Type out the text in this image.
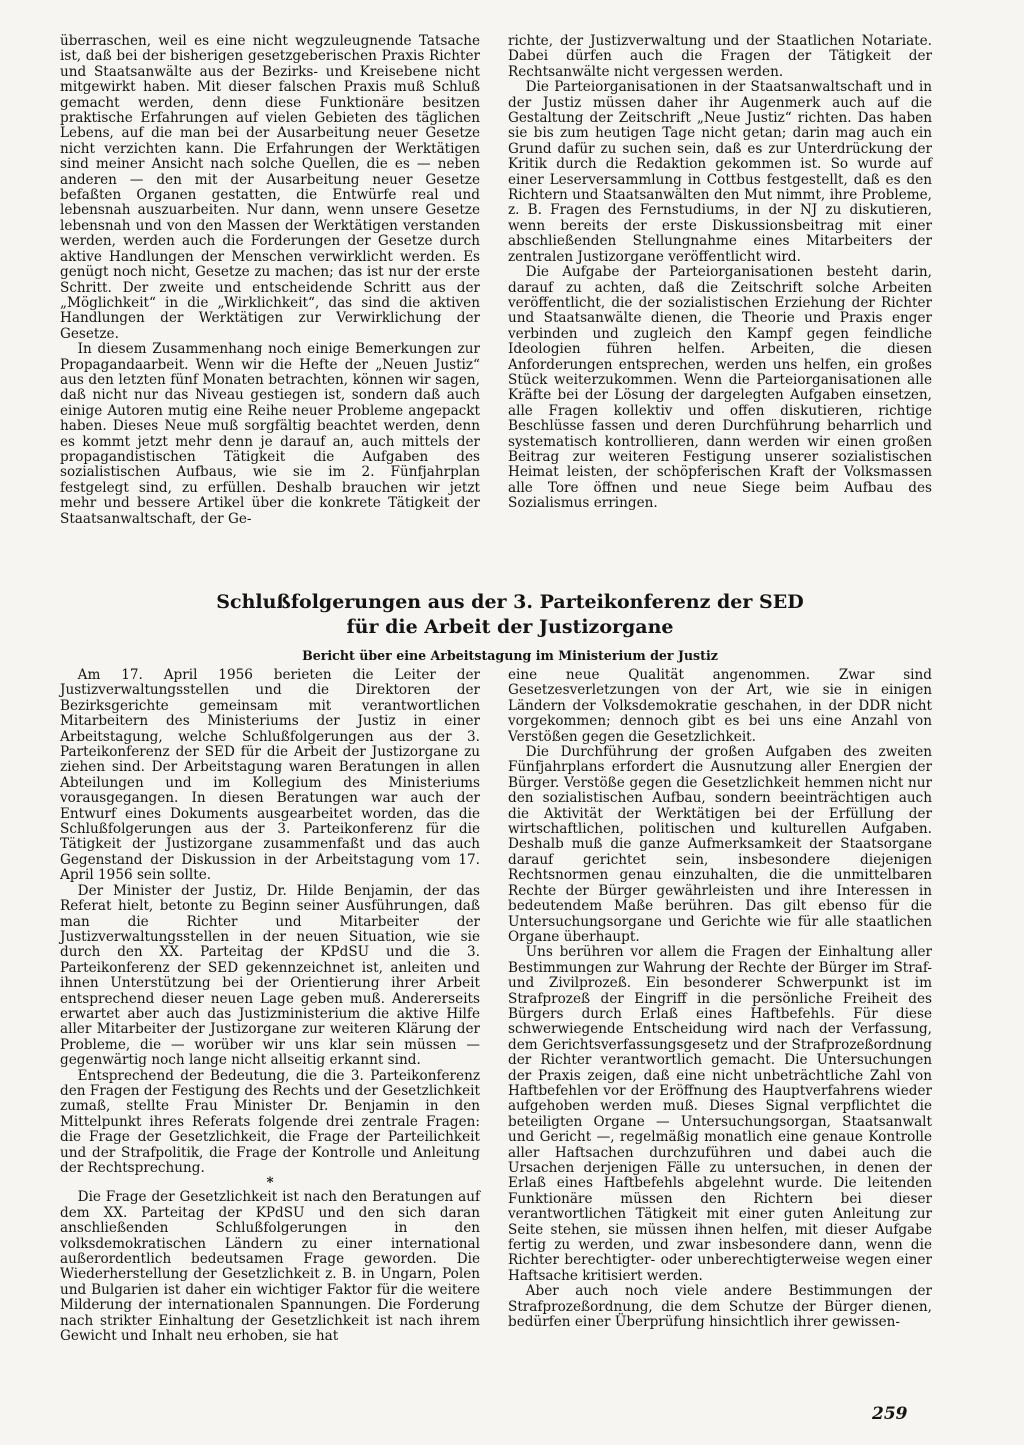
überraschen, weil es eine nicht wegzuleugnende Tatsache ist, daß bei der bisherigen gesetzgeberischen Praxis Richter und Staatsanwälte aus der Bezirks- und Kreisebene nicht mitgewirkt haben. Mit dieser falschen Praxis muß Schluß gemacht werden, denn diese Funktionäre besitzen praktische Erfahrungen auf vielen Gebieten des täglichen Lebens, auf die man bei der Ausarbeitung neuer Gesetze nicht verzichten kann. Die Erfahrungen der Werktätigen sind meiner Ansicht nach solche Quellen, die es — neben anderen — den mit der Ausarbeitung neuer Gesetze befaßten Organen gestatten, die Entwürfe real und lebensnah auszuarbeiten. Nur dann, wenn unsere Gesetze lebensnah und von den Massen der Werktätigen verstanden werden, werden auch die Forderungen der Gesetze durch aktive Handlungen der Menschen verwirklicht werden. Es genügt noch nicht, Gesetze zu machen; das ist nur der erste Schritt. Der zweite und entscheidende Schritt aus der „Möglichkeit“ in die „Wirklichkeit“, das sind die aktiven Handlungen der Werktätigen zur Verwirklichung der Gesetze.

In diesem Zusammenhang noch einige Bemerkungen zur Propagandaarbeit. Wenn wir die Hefte der „Neuen Justiz“ aus den letzten fünf Monaten betrachten, können wir sagen, daß nicht nur das Niveau gestiegen ist, sondern daß auch einige Autoren mutig eine Reihe neuer Probleme angepackt haben. Dieses Neue muß sorgfältig beachtet werden, denn es kommt jetzt mehr denn je darauf an, auch mittels der propagandistischen Tätigkeit die Aufgaben des sozialistischen Aufbaus, wie sie im 2. Fünfjahrplan festgelegt sind, zu erfüllen. Deshalb brauchen wir jetzt mehr und bessere Artikel über die konkrete Tätigkeit der Staatsanwaltschaft, der Ge-

richte, der Justizverwaltung und der Staatlichen Notariate. Dabei dürfen auch die Fragen der Tätigkeit der Rechtsanwälte nicht vergessen werden.

Die Parteiorganisationen in der Staatsanwaltschaft und in der Justiz müssen daher ihr Augenmerk auch auf die Gestaltung der Zeitschrift „Neue Justiz“ richten. Das haben sie bis zum heutigen Tage nicht getan; darin mag auch ein Grund dafür zu suchen sein, daß es zur Unterdrückung der Kritik durch die Redaktion gekommen ist. So wurde auf einer Leserversammlung in Cottbus festgestellt, daß es den Richtern und Staatsanwälten den Mut nimmt, ihre Probleme, z. B. Fragen des Fernstudiums, in der NJ zu diskutieren, wenn bereits der erste Diskussionsbeitrag mit einer abschließenden Stellungnahme eines Mitarbeiters der zentralen Justizorgane veröffentlicht wird.

Die Aufgabe der Parteiorganisationen besteht darin, darauf zu achten, daß die Zeitschrift solche Arbeiten veröffentlicht, die der sozialistischen Erziehung der Richter und Staatsanwälte dienen, die Theorie und Praxis enger verbinden und zugleich den Kampf gegen feindliche Ideologien führen helfen. Arbeiten, die diesen Anforderungen entsprechen, werden uns helfen, ein großes Stück weiterzukommen. Wenn die Parteiorganisationen alle Kräfte bei der Lösung der dargelegten Aufgaben einsetzen, alle Fragen kollektiv und offen diskutieren, richtige Beschlüsse fassen und deren Durchführung beharrlich und systematisch kontrollieren, dann werden wir einen großen Beitrag zur weiteren Festigung unserer sozialistischen Heimat leisten, der schöpferischen Kraft der Volksmassen alle Tore öffnen und neue Siege beim Aufbau des Sozialismus erringen.

Schlußfolgerungen aus der 3. Parteikonferenz der SED
für die Arbeit der Justizorgane
Bericht über eine Arbeitstagung im Ministerium der Justiz

Am 17. April 1956 berieten die Leiter der Justizverwaltungsstellen und die Direktoren der Bezirksgerichte gemeinsam mit verantwortlichen Mitarbeitern des Ministeriums der Justiz in einer Arbeitstagung, welche Schlußfolgerungen aus der 3. Parteikonferenz der SED für die Arbeit der Justizorgane zu ziehen sind. Der Arbeitstagung waren Beratungen in allen Abteilungen und im Kollegium des Ministeriums vorausgegangen. In diesen Beratungen war auch der Entwurf eines Dokuments ausgearbeitet worden, das die Schlußfolgerungen aus der 3. Parteikonferenz für die Tätigkeit der Justizorgane zusammenfaßt und das auch Gegenstand der Diskussion in der Arbeitstagung vom 17. April 1956 sein sollte.

Der Minister der Justiz, Dr. Hilde Benjamin, der das Referat hielt, betonte zu Beginn seiner Ausführungen, daß man die Richter und Mitarbeiter der Justizverwaltungsstellen in der neuen Situation, wie sie durch den XX. Parteitag der KPdSU und die 3. Parteikonferenz der SED gekennzeichnet ist, anleiten und ihnen Unterstützung bei der Orientierung ihrer Arbeit entsprechend dieser neuen Lage geben muß. Andererseits erwartet aber auch das Justizministerium die aktive Hilfe aller Mitarbeiter der Justizorgane zur weiteren Klärung der Probleme, die — worüber wir uns klar sein müssen — gegenwärtig noch lange nicht allseitig erkannt sind.

Entsprechend der Bedeutung, die die 3. Parteikonferenz den Fragen der Festigung des Rechts und der Gesetzlichkeit zumaß, stellte Frau Minister Dr. Benjamin in den Mittelpunkt ihres Referats folgende drei zentrale Fragen: die Frage der Gesetzlichkeit, die Frage der Parteilichkeit und der Strafpolitik, die Frage der Kontrolle und Anleitung der Rechtsprechung.

*

Die Frage der Gesetzlichkeit ist nach den Beratungen auf dem XX. Parteitag der KPdSU und den sich daran anschließenden Schlußfolgerungen in den volksdemokratischen Ländern zu einer international außerordentlich bedeutsamen Frage geworden. Die Wiederherstellung der Gesetzlichkeit z. B. in Ungarn, Polen und Bulgarien ist daher ein wichtiger Faktor für die weitere Milderung der internationalen Spannungen. Die Forderung nach strikter Einhaltung der Gesetzlichkeit ist nach ihrem Gewicht und Inhalt neu erhoben, sie hat

eine neue Qualität angenommen. Zwar sind Gesetzesverletzungen von der Art, wie sie in einigen Ländern der Volksdemokratie geschahen, in der DDR nicht vorgekommen; dennoch gibt es bei uns eine Anzahl von Verstößen gegen die Gesetzlichkeit.

Die Durchführung der großen Aufgaben des zweiten Fünfjahrplans erfordert die Ausnutzung aller Energien der Bürger. Verstöße gegen die Gesetzlichkeit hemmen nicht nur den sozialistischen Aufbau, sondern beeinträchtigen auch die Aktivität der Werktätigen bei der Erfüllung der wirtschaftlichen, politischen und kulturellen Aufgaben. Deshalb muß die ganze Aufmerksamkeit der Staatsorgane darauf gerichtet sein, insbesondere diejenigen Rechtsnormen genau einzuhalten, die die unmittelbaren Rechte der Bürger gewährleisten und ihre Interessen in bedeutendem Maße berühren. Das gilt ebenso für die Untersuchungsorgane und Gerichte wie für alle staatlichen Organe überhaupt.

Uns berühren vor allem die Fragen der Einhaltung aller Bestimmungen zur Wahrung der Rechte der Bürger im Straf- und Zivilprozeß. Ein besonderer Schwerpunkt ist im Strafprozeß der Eingriff in die persönliche Freiheit des Bürgers durch Erlaß eines Haftbefehls. Für diese schwerwiegende Entscheidung wird nach der Verfassung, dem Gerichtsverfassungsgesetz und der Strafprozeßordnung der Richter verantwortlich gemacht. Die Untersuchungen der Praxis zeigen, daß eine nicht unbeträchtliche Zahl von Haftbefehlen vor der Eröffnung des Hauptverfahrens wieder aufgehoben werden muß. Dieses Signal verpflichtet die beteiligten Organe — Untersuchungsorgan, Staatsanwalt und Gericht —, regelmäßig monatlich eine genaue Kontrolle aller Haftsachen durchzuführen und dabei auch die Ursachen derjenigen Fälle zu untersuchen, in denen der Erlaß eines Haftbefehls abgelehnt wurde. Die leitenden Funktionäre müssen den Richtern bei dieser verantwortlichen Tätigkeit mit einer guten Anleitung zur Seite stehen, sie müssen ihnen helfen, mit dieser Aufgabe fertig zu werden, und zwar insbesondere dann, wenn die Richter berechtigter- oder unberechtigterweise wegen einer Haftsache kritisiert werden.

Aber auch noch viele andere Bestimmungen der Strafprozeßordnung, die dem Schutze der Bürger dienen, bedürfen einer Überprüfung hinsichtlich ihrer gewissen-

259
